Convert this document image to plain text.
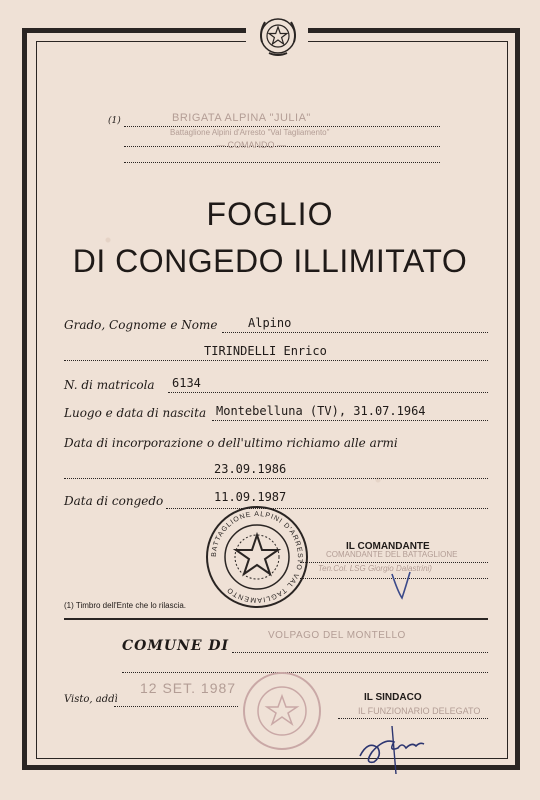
(1)	BRIGATA ALPINA "JULIA"
Battaglione Alpini d'Arresto "Val Tagliamento"
— COMANDO —
FOGLIO
DI CONGEDO ILLIMITATO
Grado, Cognome e Nome	Alpino
TIRINDELLI Enrico
N. di matricola 6134
Luogo e data di nascita Montebelluna (TV), 31.07.1964
Data di incorporazione o dell'ultimo richiamo alle armi
23.09.1986
Data di congedo	11.09.1987
BATTAGLIONE ALPINI D'ARRESTO VAL TAGLIAMENTO
IL COMANDANTE
COMANDANTE DEL BATTAGLIONE
Ten.Col. LSG Giorgio Dalastrini)
(1) Timbro dell'Ente che lo rilascia.
COMUNE DI
VOLPAGO DEL MONTELLO
Visto, addì
12 SET. 1987
IL SINDACO
IL FUNZIONARIO DELEGATO
